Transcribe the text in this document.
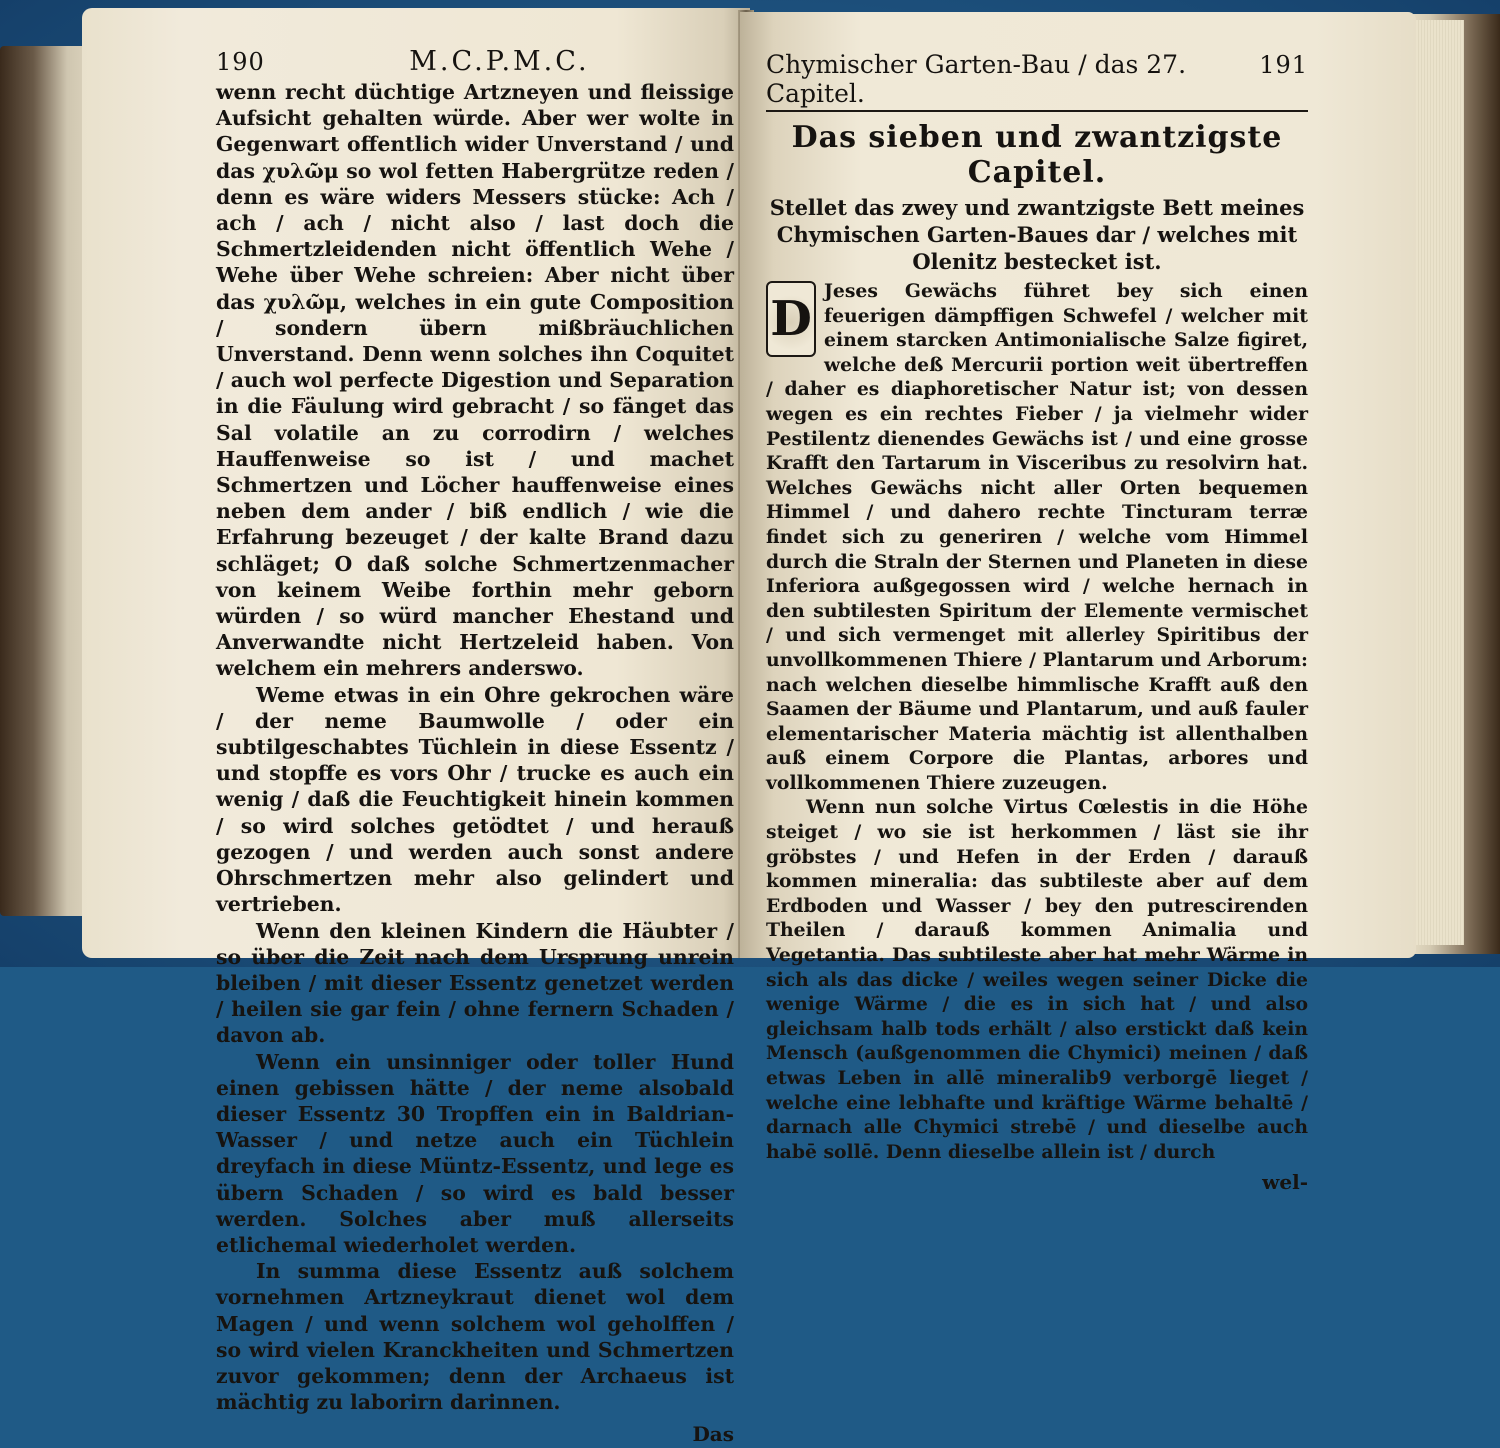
190	M.C.P.M.C.

wenn recht düchtige Artzneyen und fleissige Aufsicht gehalten würde. Aber wer wolte in Gegenwart offentlich wider Unverstand / und das χυλῶμ so wol fetten Habergrütze reden / denn es wäre widers Messers stücke: Ach / ach / ach / nicht also / last doch die Schmertzleidenden nicht öffentlich Wehe / Wehe über Wehe schreien: Aber nicht über das χυλῶμ, welches in ein gute Composition / sondern übern mißbräuchlichen Unverstand. Denn wenn solches ihn Coquitet / auch wol perfecte Digestion und Separation in die Fäulung wird gebracht / so fänget das Sal volatile an zu corrodirn / welches Hauffenweise so ist / und machet Schmertzen und Löcher hauffenweise eines neben dem ander / biß endlich / wie die Erfahrung bezeuget / der kalte Brand dazu schläget; O daß solche Schmertzenmacher von keinem Weibe forthin mehr geborn würden / so würd mancher Ehestand und Anverwandte nicht Hertzeleid haben. Von welchem ein mehrers anderswo.

Weme etwas in ein Ohre gekrochen wäre / der neme Baumwolle / oder ein subtilgeschabtes Tüchlein in diese Essentz / und stopffe es vors Ohr / trucke es auch ein wenig / daß die Feuchtigkeit hinein kommen / so wird solches getödtet / und herauß gezogen / und werden auch sonst andere Ohrschmertzen mehr also gelindert und vertrieben.

Wenn den kleinen Kindern die Häubter / so über die Zeit nach dem Ursprung unrein bleiben / mit dieser Essentz genetzet werden / heilen sie gar fein / ohne fernern Schaden / davon ab.

Wenn ein unsinniger oder toller Hund einen gebissen hätte / der neme alsobald dieser Essentz 30 Tropffen ein in Baldrian-Wasser / und netze auch ein Tüchlein dreyfach in diese Müntz-Essentz, und lege es übern Schaden / so wird es bald besser werden. Solches aber muß allerseits etlichemal wiederholet werden.

In summa diese Essentz auß solchem vornehmen Artzneykraut dienet wol dem Magen / und wenn solchem wol geholffen / so wird vielen Kranckheiten und Schmertzen zuvor gekommen; denn der Archaeus ist mächtig zu laborirn darinnen.

Das
Chymischer Garten-Bau / das 27. Capitel.
191
Das sieben und zwantzigste Capitel.
Stellet das zwey und zwantzigste Bett meines Chymischen Garten-Baues dar / welches mit Olenitz bestecket ist.
D Jeses Gewächs führet bey sich einen feuerigen dämpffigen Schwefel / welcher mit einem starcken Antimonialische Salze figiret, welche deß Mercurii portion weit übertreffen / daher es diaphoretischer Natur ist; von dessen wegen es ein rechtes Fieber / ja vielmehr wider Pestilentz dienendes Gewächs ist / und eine grosse Krafft den Tartarum in Visceribus zu resolvirn hat. Welches Gewächs nicht aller Orten bequemen Himmel / und dahero rechte Tincturam terræ findet sich zu generiren / welche vom Himmel durch die Straln der Sternen und Planeten in diese Inferiora außgegossen wird / welche hernach in den subtilesten Spiritum der Elemente vermischet / und sich vermenget mit allerley Spiritibus der unvollkommenen Thiere / Plantarum und Arborum: nach welchen dieselbe himmlische Krafft auß den Saamen der Bäume und Plantarum, und auß fauler elementarischer Materia mächtig ist allenthalben auß einem Corpore die Plantas, arbores und vollkommenen Thiere zuzeugen.

Wenn nun solche Virtus Cœlestis in die Höhe steiget / wo sie ist herkommen / läst sie ihr gröbstes / und Hefen in der Erden / darauß kommen mineralia: das subtileste aber auf dem Erdboden und Wasser / bey den putrescirenden Theilen / darauß kommen Animalia und Vegetantia. Das subtileste aber hat mehr Wärme in sich als das dicke / weiles wegen seiner Dicke die wenige Wärme / die es in sich hat / und also gleichsam halb tods erhält / also erstickt daß kein Mensch (außgenommen die Chymici) meinen / daß etwas Leben in allē mineralib9 verborgē lieget / welche eine lebhafte und kräftige Wärme behaltē / darnach alle Chymici strebē / und dieselbe auch habē sollē. Denn dieselbe allein ist / durch

wel-
